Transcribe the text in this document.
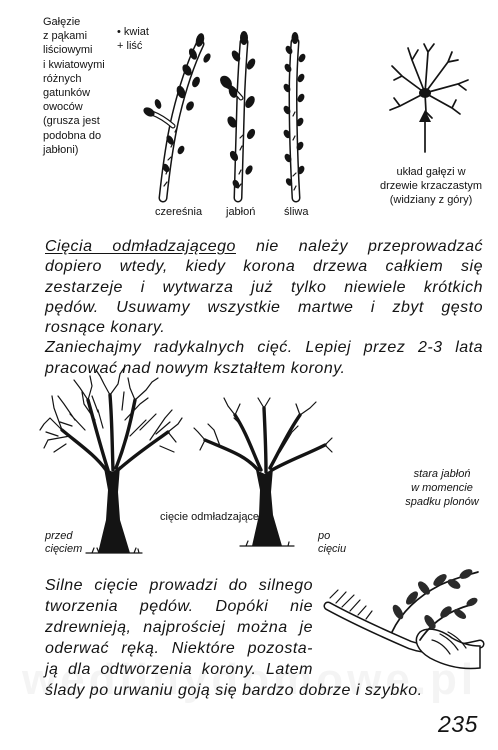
Gałęzie
z pąkami
liściowymi
i kwiatowymi
różnych
gatunków
owoców
(grusza jest
podobna do
jabłoni)
• kwiat
+ liść
czereśnia jabłoń	śliwa
układ gałęzi w
drzewie krzaczastym
(widziany z góry)
Cięcia odmładzającego nie należy przeprowadzać
dopiero wtedy, kiedy korona drzewa całkiem się
zestarzeje i wytwarza już tylko niewiele krótkich
pędów. Usuwamy wszystkie martwe i zbyt gęsto
rosnące konary.
Zaniechajmy radykalnych cięć. Lepiej przez 2-3 lata
pracować nad nowym kształtem korony.
przed
cięciem
cięcie odmładzające
po
cięciu
stara jabłoń
w momencie
spadku plonów
Silne cięcie prowadzi do silnego
tworzenia pędów. Dopóki nie
zdrewnieją, najprościej można je
oderwać ręką. Niektóre pozosta-
ją dla odtworzenia korony. Latem
ślady po urwaniu goją się bardzo dobrze i szybko.
235
